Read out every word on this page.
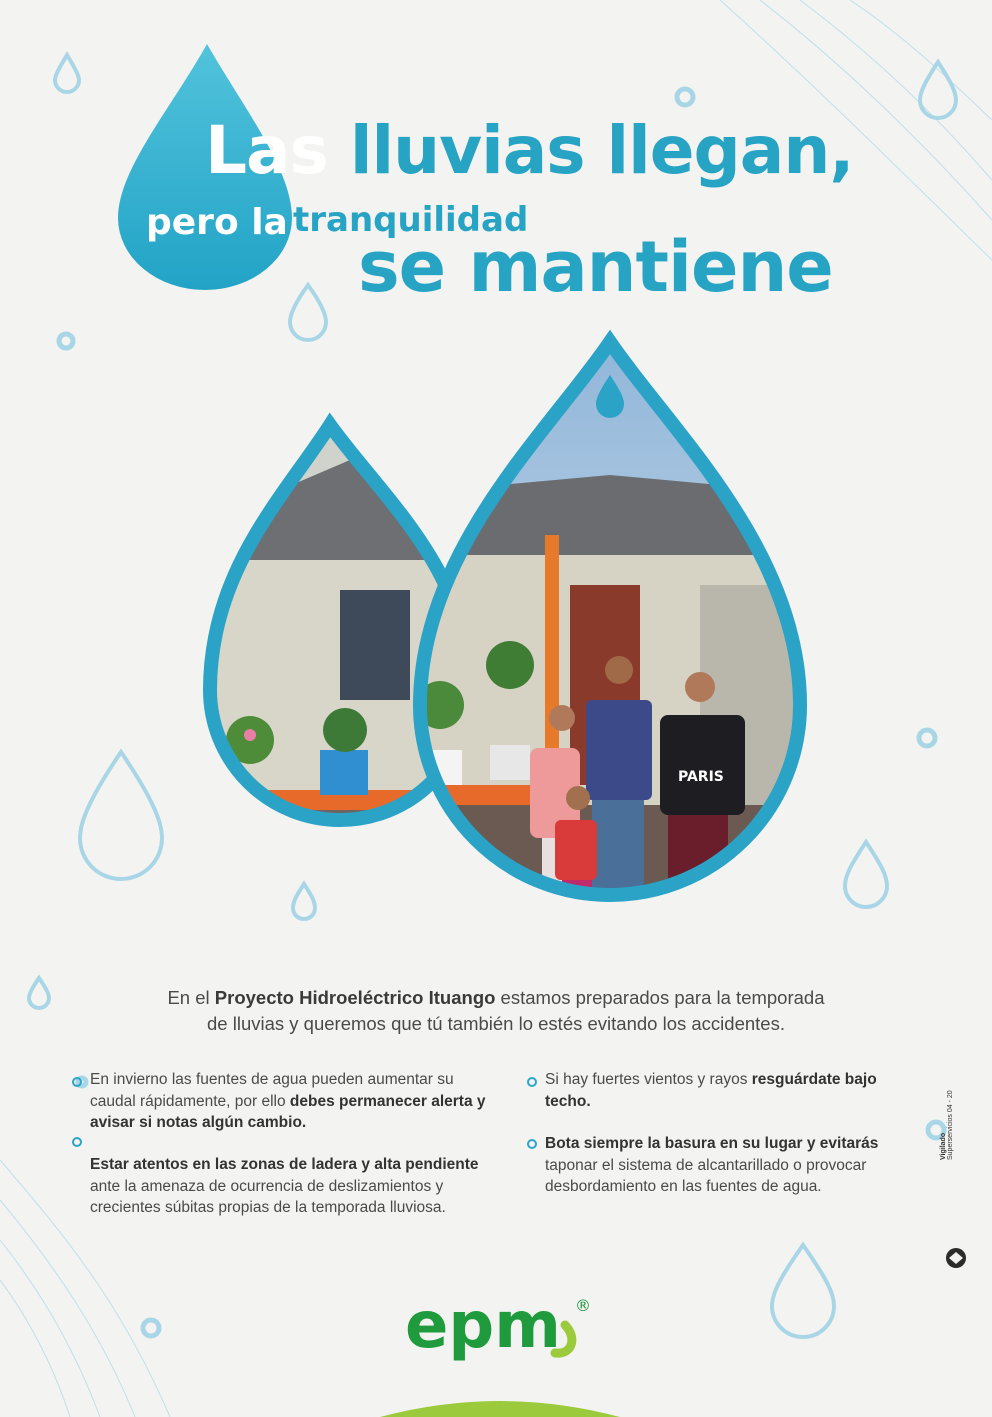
Las lluvias llegan,
pero la tranquilidad
se mantiene
PARIS
En el Proyecto Hidroeléctrico Ituango estamos preparados para la temporada
de lluvias y queremos que tú también lo estés evitando los accidentes.
En invierno las fuentes de agua pueden aumentar su caudal rápidamente, por ello debes permanecer alerta y avisar si notas algún cambio.
Estar atentos en las zonas de ladera y alta pendiente ante la amenaza de ocurrencia de deslizamientos y crecientes súbitas propias de la temporada lluviosa.
Si hay fuertes vientos y rayos resguárdate bajo techo.
Bota siempre la basura en su lugar y evitarás taponar el sistema de alcantarillado o provocar desbordamiento en las fuentes de agua.
Vigilado
Superservicios 04 - 20
epm ®
